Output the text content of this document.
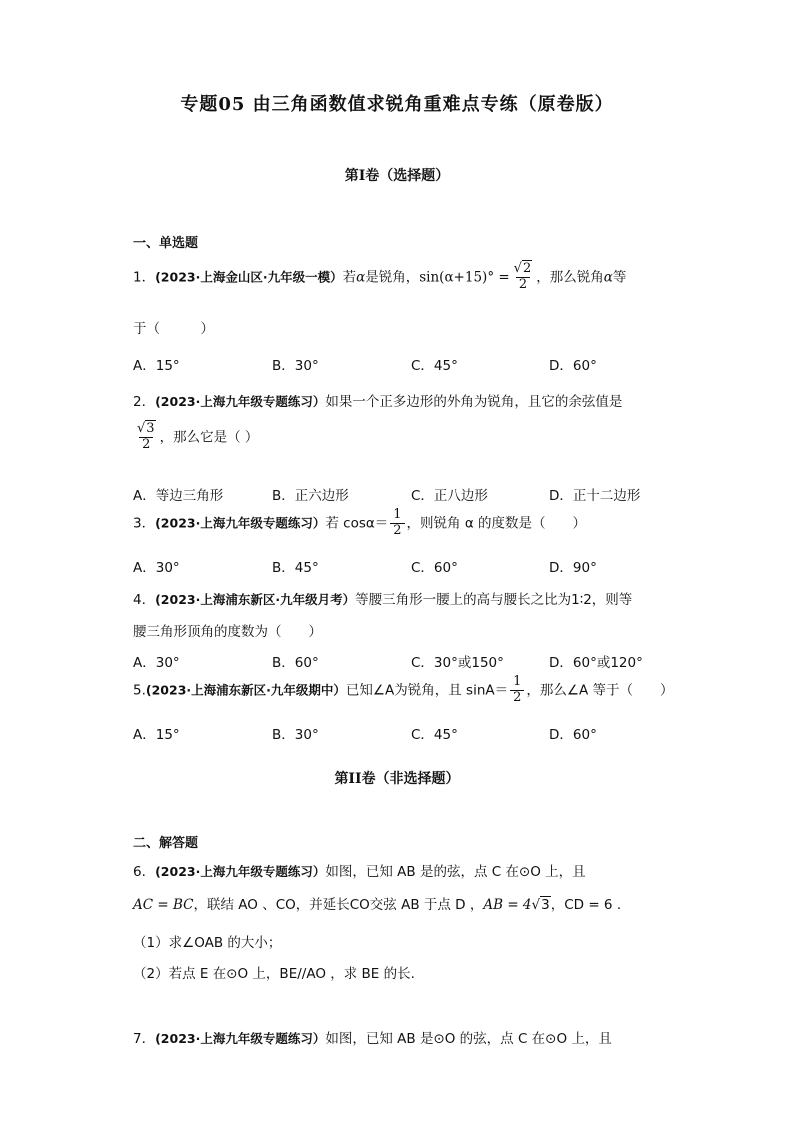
专题05 由三角函数值求锐角重难点专练（原卷版）
第I卷（选择题）
一、单选题
1．(2023·上海金山区·九年级一模）若α是锐角，$\sin(\alpha+15)^\circ = \frac{√2}{2}$ ，那么锐角α等
于（　　　）
A．15°	B．30°	C．45°	D．60°
2．(2023·上海九年级专题练习）如果一个正多边形的外角为锐角，且它的余弦值是
$\frac{√3}{2}$ ，那么它是（ ）
A．等边三角形	B．正六边形	C．正八边形	D．正十二边形
3．(2023·上海九年级专题练习）若 $\cos\alpha= \frac{1}{2}$ ，则锐角 α 的度数是（　　）
A．30°	B．45°	C．60°	D．90°
4．(2023·上海浦东新区·九年级月考）等腰三角形一腰上的高与腰长之比为1∶2，则等
腰三角形顶角的度数为（　　）
A．30°	B．60°	C．30°或150°	D．60°或120°
5.(2023·上海浦东新区·九年级期中）已知∠A为锐角，且 $\sin A= \frac{1}{2}$ ，那么∠A 等于（　　）
A．15°	B．30°	C．45°	D．60°
第II卷（非选择题）
二、解答题
6．(2023·上海九年级专题练习）如图，已知 AB 是的弦，点 C 在⊙O 上，且
AC = BC，联结 AO 、CO，并延长CO交弦 AB 于点 D ，AB = 4√3，CD = 6 .
（1）求∠OAB 的大小；
（2）若点 E 在⊙O 上，BE//AO ，求 BE 的长.
7．(2023·上海九年级专题练习）如图，已知 AB 是⊙O 的弦，点 C 在⊙O 上，且
